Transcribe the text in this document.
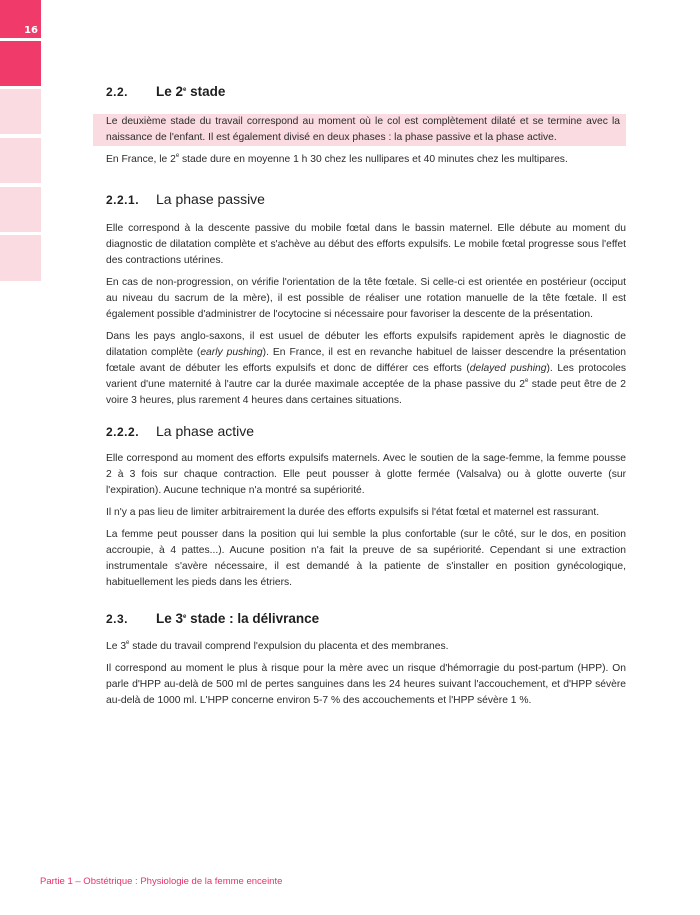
16
2.2.	Le 2e stade

Le deuxième stade du travail correspond au moment où le col est complètement dilaté et se termine avec la naissance de l'enfant. Il est également divisé en deux phases : la phase passive et la phase active.

En France, le 2e stade dure en moyenne 1 h 30 chez les nullipares et 40 minutes chez les multipares.

2.2.1.	La phase passive

Elle correspond à la descente passive du mobile fœtal dans le bassin maternel. Elle débute au moment du diagnostic de dilatation complète et s'achève au début des efforts expulsifs. Le mobile fœtal progresse sous l'effet des contractions utérines.

En cas de non-progression, on vérifie l'orientation de la tête fœtale. Si celle-ci est orientée en postérieur (occiput au niveau du sacrum de la mère), il est possible de réaliser une rotation manuelle de la tête fœtale. Il est également possible d'administrer de l'ocytocine si nécessaire pour favoriser la descente de la présentation.

Dans les pays anglo-saxons, il est usuel de débuter les efforts expulsifs rapidement après le diagnostic de dilatation complète (early pushing). En France, il est en revanche habituel de laisser descendre la présentation fœtale avant de débuter les efforts expulsifs et donc de différer ces efforts (delayed pushing). Les protocoles varient d'une maternité à l'autre car la durée maximale acceptée de la phase passive du 2e stade peut être de 2 voire 3 heures, plus rarement 4 heures dans certaines situations.

2.2.2.	La phase active

Elle correspond au moment des efforts expulsifs maternels. Avec le soutien de la sage-femme, la femme pousse 2 à 3 fois sur chaque contraction. Elle peut pousser à glotte fermée (Valsalva) ou à glotte ouverte (sur l'expiration). Aucune technique n'a montré sa supériorité.

Il n'y a pas lieu de limiter arbitrairement la durée des efforts expulsifs si l'état fœtal et maternel est rassurant.

La femme peut pousser dans la position qui lui semble la plus confortable (sur le côté, sur le dos, en position accroupie, à 4 pattes...). Aucune position n'a fait la preuve de sa supériorité. Cependant si une extraction instrumentale s'avère nécessaire, il est demandé à la patiente de s'installer en position gynécologique, habituellement les pieds dans les étriers.

2.3.	Le 3e stade : la délivrance

Le 3e stade du travail comprend l'expulsion du placenta et des membranes.

Il correspond au moment le plus à risque pour la mère avec un risque d'hémorragie du post-partum (HPP). On parle d'HPP au-delà de 500 ml de pertes sanguines dans les 24 heures suivant l'accouchement, et d'HPP sévère au-delà de 1000 ml. L'HPP concerne environ 5-7 % des accouchements et l'HPP sévère 1 %.

Partie 1 – Obstétrique : Physiologie de la femme enceinte
